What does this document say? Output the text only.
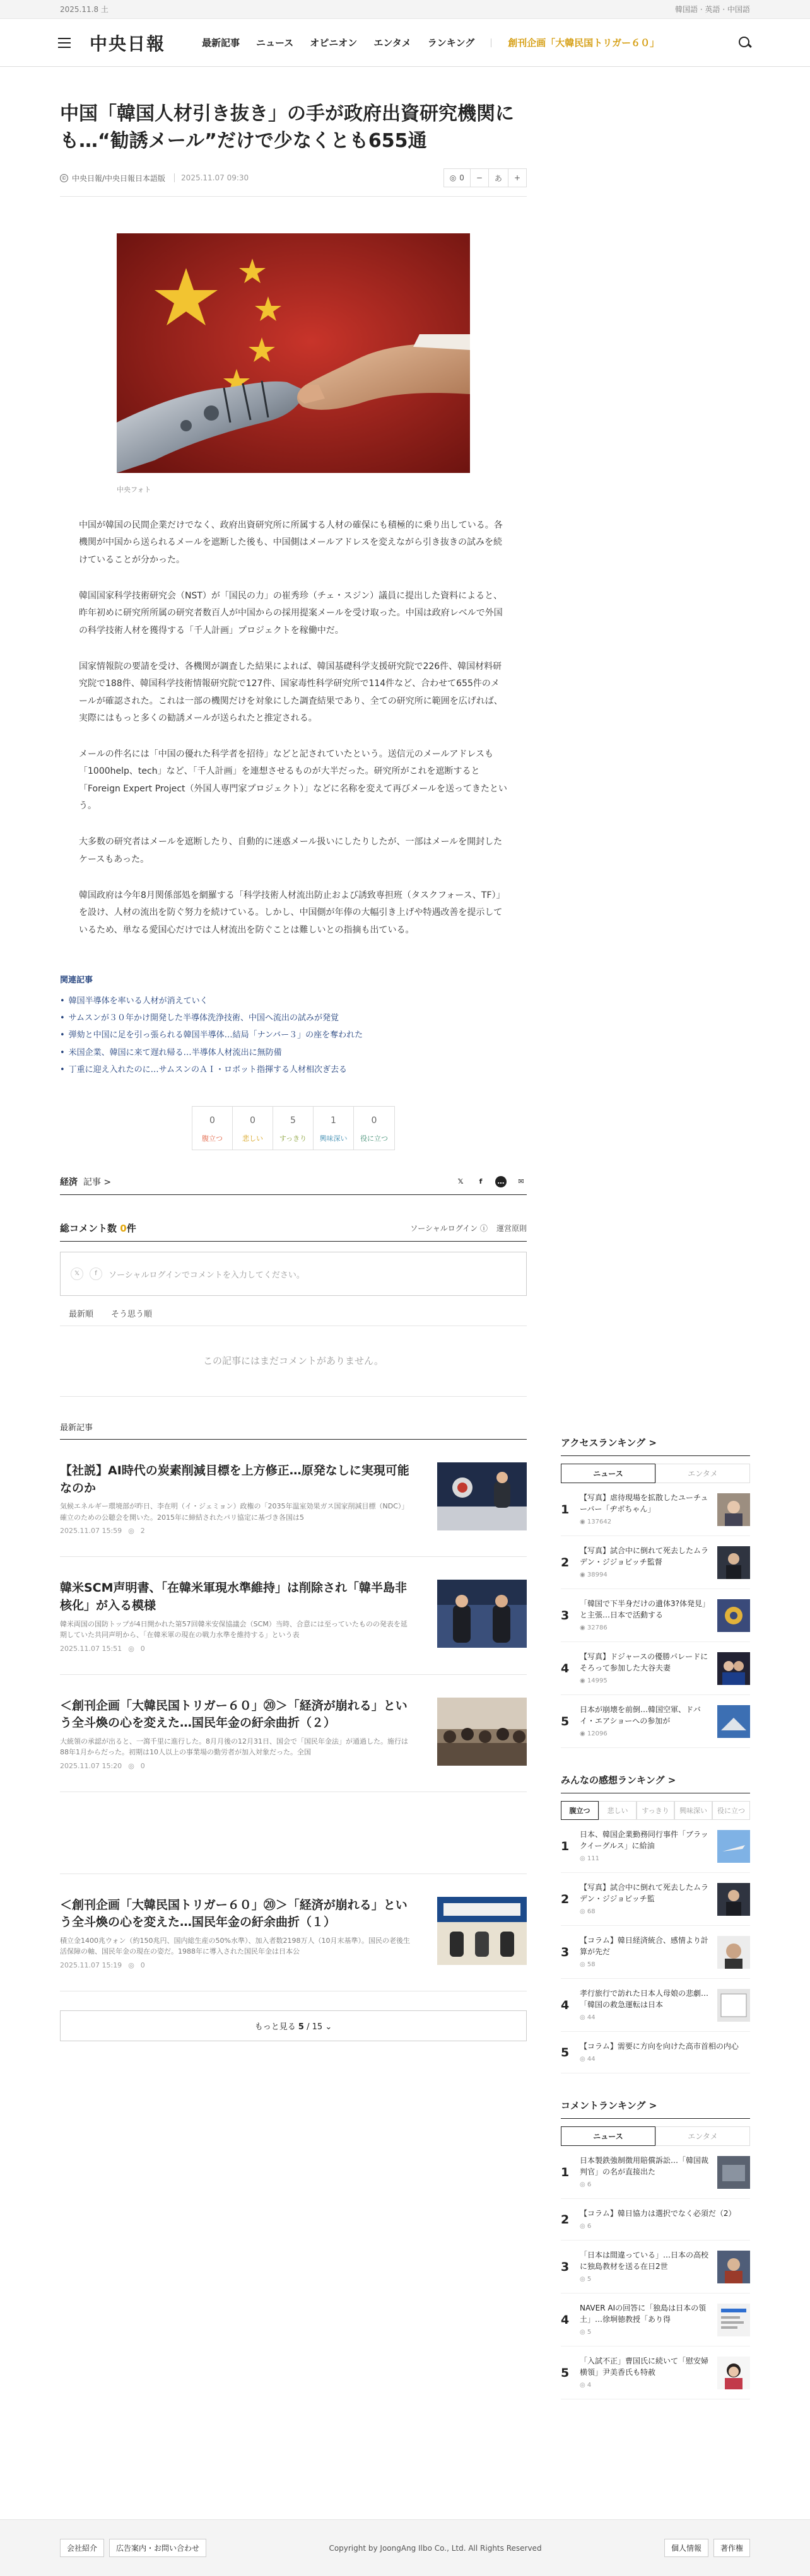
2025.11.8 土	韓国語 · 英語 · 中国語
中央日報	最新記事 ニュース オピニオン エンタメ ランキング	創刊企画「大韓民国トリガー６０」
中国「韓国人材引き抜き」の手が政府出資研究機関にも…“勧誘メール”だけで少なくとも655通
© 中央日報/中央日報日本語版	2025.11.07 09:30	◎ 0	−	あ	+
中央フォト

中国が韓国の民間企業だけでなく、政府出資研究所に所属する人材の確保にも積極的に乗り出している。各機関が中国から送られるメールを遮断した後も、中国側はメールアドレスを変えながら引き抜きの試みを続けていることが分かった。

韓国国家科学技術研究会（NST）が「国民の力」の崔秀珍（チェ・スジン）議員に提出した資料によると、昨年初めに研究所所属の研究者数百人が中国からの採用提案メールを受け取った。中国は政府レベルで外国の科学技術人材を獲得する「千人計画」プロジェクトを稼働中だ。

国家情報院の要請を受け、各機関が調査した結果によれば、韓国基礎科学支援研究院で226件、韓国材料研究院で188件、韓国科学技術情報研究院で127件、国家毒性科学研究所で114件など、合わせて655件のメールが確認された。これは一部の機関だけを対象にした調査結果であり、全ての研究所に範囲を広げれば、実際にはもっと多くの勧誘メールが送られたと推定される。

メールの件名には「中国の優れた科学者を招待」などと記されていたという。送信元のメールアドレスも「1000help、tech」など、「千人計画」を連想させるものが大半だった。研究所がこれを遮断すると「Foreign Expert Project（外国人専門家プロジェクト）」などに名称を変えて再びメールを送ってきたという。

大多数の研究者はメールを遮断したり、自動的に迷惑メール扱いにしたりしたが、一部はメールを開封したケースもあった。

韓国政府は今年8月関係部処を網羅する「科学技術人材流出防止および誘致専担班（タスクフォース、TF）」を設け、人材の流出を防ぐ努力を続けている。しかし、中国側が年俸の大幅引き上げや特遇改善を提示しているため、単なる愛国心だけでは人材流出を防ぐことは難しいとの指摘も出ている。

関連記事
• 韓国半導体を率いる人材が消えていく
• サムスンが３０年かけ開発した半導体洗浄技術、中国へ流出の試みが発覚
• 弾劾と中国に足を引っ張られる韓国半導体…結局「ナンバー３」の座を奪われた
• 米国企業、韓国に来て遅れ帰る…半導体人材流出に無防備
• 丁重に迎え入れたのに…サムスンのＡＩ・ロボット指揮する人材相次ぎ去る
0
腹立つ
0
悲しい
5
すっきり
1
興味深い
0
役に立つ
経済 記事 >	𝕏	f	…	✉
総コメント数 0件	ソーシャルログイン ⓘ 運営原則
𝕏	f	ソーシャルログインでコメントを入力してください。
最新順 そう思う順
この記事にはまだコメントがありません。
最新記事
【社説】AI時代の炭素削減目標を上方修正…原発なしに実現可能なのか
気候エネルギー環境部が昨日、李在明（イ・ジェミョン）政権の「2035年温室効果ガス国家削減目標（NDC）」確立のための公聴会を開いた。2015年に締結されたパリ協定に基づき各国は5
2025.11.07 15:59 ◎ 2
韓米SCM声明書、「在韓米軍現水準維持」は削除され「韓半島非核化」が入る模様
韓米両国の国防トップが4日開かれた第57回韓米安保協議会（SCM）当時、合意には至っていたものの発表を延期していた共同声明から、「在韓米軍の現在の戦力水準を維持する」という表
2025.11.07 15:51 ◎ 0
＜創刊企画「大韓民国トリガー６０」⑳＞「経済が崩れる」という全斗煥の心を変えた…国民年金の紆余曲折（２）
大統領の承認が出ると、一瀉千里に進行した。8月月後の12月31日、国会で「国民年金法」が通過した。施行は88年1月からだった。初期は10人以上の事業場の勤労者が加入対象だった。全国
2025.11.07 15:20 ◎ 0
＜創刊企画「大韓民国トリガー６０」⑳＞「経済が崩れる」という全斗煥の心を変えた…国民年金の紆余曲折（１）
積立金1400兆ウォン（約150兆円、国内総生産の50%水準）、加入者数2198万人（10月末基準）。国民の老後生活保障の軸、国民年金の現在の姿だ。1988年に導入された国民年金は日本公
2025.11.07 15:19 ◎ 0
もっと見る 5 / 15 ⌄
アクセスランキング >
ニュース	エンタメ
1
【写真】虐待現場を拡散したユーチューバー「ヂボちゃん」
◉ 137642
2
【写真】試合中に倒れて死去したムラデン・ジジョビッチ監督
◉ 38994
3
「韓国で下半身だけの遺体3?体発見」と主張…日本で活動する
◉ 32786
4
【写真】ドジャースの優勝パレードにそろって参加した大谷夫妻
◉ 14995
5
日本が崩壊を前倒…韓国空軍、ドバイ・エアショーへの参加が
◉ 12096
みんなの感想ランキング >
腹立つ	悲しい	すっきり	興味深い	役に立つ
1
日本、韓国企業勤務同行事件「ブラックイーグルス」に給油
◎ 111
2
【写真】試合中に倒れて死去したムラデン・ジジョビッチ監
◎ 68
3
【コラム】韓日経済統合、感情より計算が先だ
◎ 58
4
孝行旅行で訪れた日本人母娘の悲劇…「韓国の救急運転は日本
◎ 44
5	【コラム】需要に方向を向けた高市首相の内心
◎ 44
コメントランキング >
ニュース	エンタメ
1
日本製鉄強制徴用賠償訴訟…「韓国裁判官」の名が直接出た
◎ 6
2	【コラム】韓日協力は選択でなく必須だ（2）
◎ 6
3
「日本は間違っている」…日本の高校に独島教材を送る在日2世
◎ 5
4
NAVER AIの回答に「独島は日本の領土」…徐坰徳教授「あり得
◎ 5
5
「入試不正」曹国氏に続いて「慰安婦横領」尹美香氏も特赦
◎ 4
会社紹介	広告案内・お問い合わせ	Copyright by JoongAng Ilbo Co., Ltd. All Rights Reserved	個人情報	著作権
